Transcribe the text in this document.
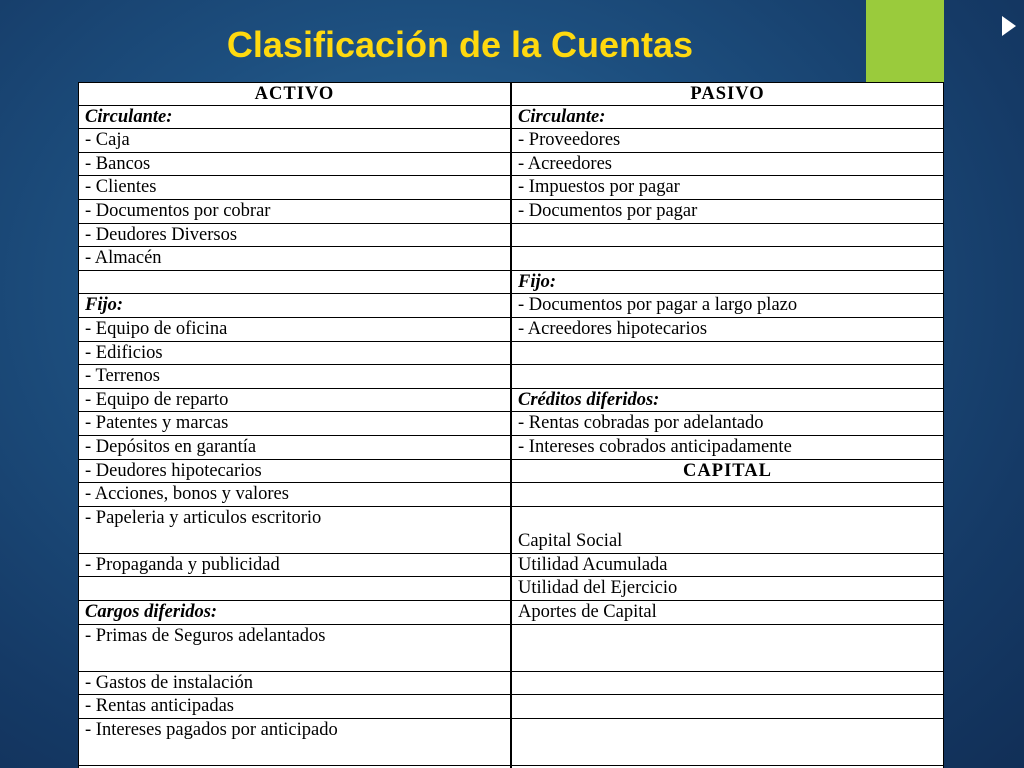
Clasificación de la Cuentas
ACTIVO
Circulante:
- Caja
- Bancos
- Clientes
- Documentos por cobrar
- Deudores Diversos
- Almacén
Fijo:
- Equipo de oficina
- Edificios
- Terrenos
- Equipo de reparto
- Patentes y marcas
- Depósitos en garantía
- Deudores hipotecarios
- Acciones, bonos y valores
- Papeleria y articulos escritorio
- Propaganda y publicidad
Cargos diferidos:
- Primas de Seguros adelantados
- Gastos de instalación
- Rentas anticipadas
- Intereses pagados por anticipado
PASIVO
Circulante:
- Proveedores
- Acreedores
- Impuestos por pagar
- Documentos por pagar
Fijo:
- Documentos por pagar a largo plazo
- Acreedores hipotecarios
Créditos diferidos:
- Rentas cobradas por adelantado
- Intereses cobrados anticipadamente
CAPITAL
Capital Social
Utilidad Acumulada
Utilidad del Ejercicio
Aportes de Capital
